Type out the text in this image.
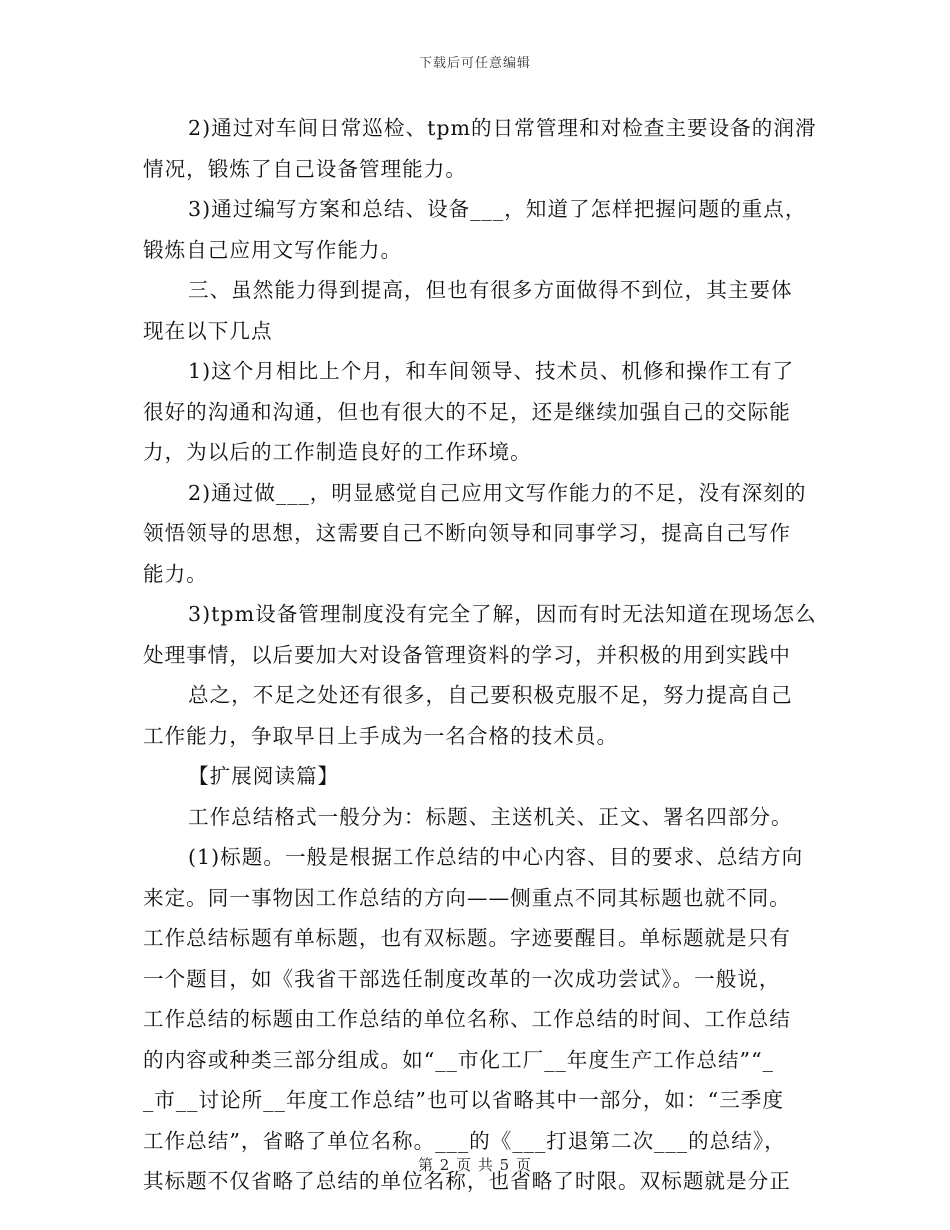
下载后可任意编辑

2)通过对车间日常巡检、tpm的日常管理和对检查主要设备的润滑

情况，锻炼了自己设备管理能力。

3)通过编写方案和总结、设备___，知道了怎样把握问题的重点，

锻炼自己应用文写作能力。

三、虽然能力得到提高，但也有很多方面做得不到位，其主要体

现在以下几点

1)这个月相比上个月，和车间领导、技术员、机修和操作工有了

很好的沟通和沟通，但也有很大的不足，还是继续加强自己的交际能

力，为以后的工作制造良好的工作环境。

2)通过做___，明显感觉自己应用文写作能力的不足，没有深刻的

领悟领导的思想，这需要自己不断向领导和同事学习，提高自己写作

能力。

3)tpm设备管理制度没有完全了解，因而有时无法知道在现场怎么

处理事情，以后要加大对设备管理资料的学习，并积极的用到实践中

总之，不足之处还有很多，自己要积极克服不足，努力提高自己

工作能力，争取早日上手成为一名合格的技术员。

【扩展阅读篇】

工作总结格式一般分为：标题、主送机关、正文、署名四部分。

(1)标题。一般是根据工作总结的中心内容、目的要求、总结方向

来定。同一事物因工作总结的方向——侧重点不同其标题也就不同。

工作总结标题有单标题，也有双标题。字迹要醒目。单标题就是只有

一个题目，如《我省干部选任制度改革的一次成功尝试》。一般说，

工作总结的标题由工作总结的单位名称、工作总结的时间、工作总结

的内容或种类三部分组成。如“__市化工厂__年度生产工作总结”“_

_市__讨论所__年度工作总结”也可以省略其中一部分，如：“三季度

工作总结”，省略了单位名称。___的《___打退第二次___的总结》，

其标题不仅省略了总结的单位名称，也省略了时限。双标题就是分正

第 2 页 共 5 页
